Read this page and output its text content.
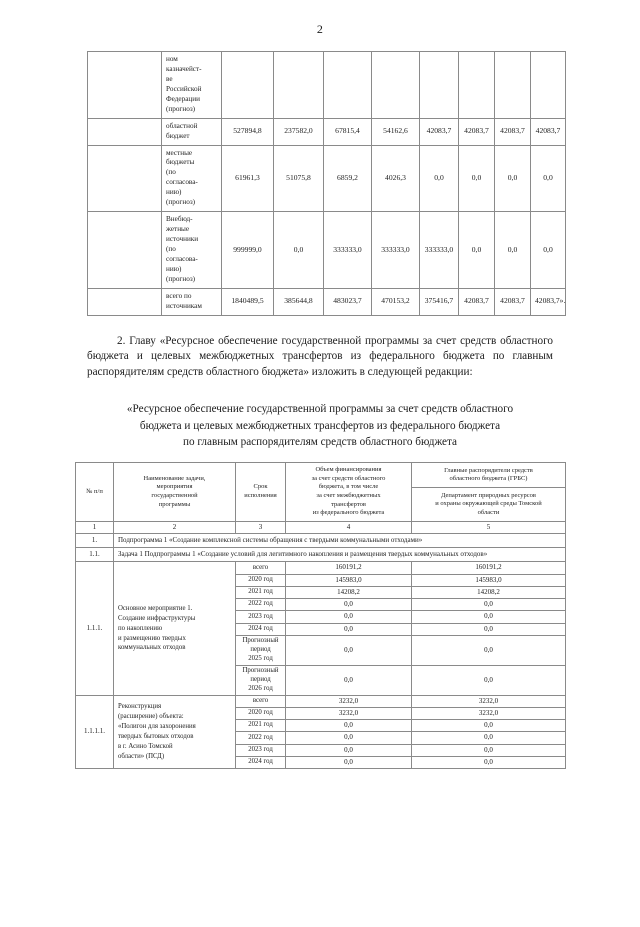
2
	ном
казначейст-
ве
Российской
Федерации
(прогноз)								
	областной
бюджет	527894,8	237582,0	67815,4	54162,6	42083,7	42083,7	42083,7	42083,7
	местные
бюджеты
(по
согласова-
нию)
(прогноз)	61961,3	51075,8	6859,2	4026,3	0,0	0,0	0,0	0,0
	Внебюд-
жетные
источники
(по
согласова-
нию)
(прогноз)	999999,0	0,0	333333,0	333333,0	333333,0	0,0	0,0	0,0
	всего по
источникам	1840489,5	385644,8	483023,7	470153,2	375416,7	42083,7	42083,7	42083,7».

2. Главу «Ресурсное обеспечение государственной программы за счет средств областного бюджета и целевых межбюджетных трансфертов из федерального бюджета по главным распорядителям средств областного бюджета» изложить в следующей редакции:

«Ресурсное обеспечение государственной программы за счет средств областного
бюджета и целевых межбюджетных трансфертов из федерального бюджета
по главным распорядителям средств областного бюджета
№ п/п	Наименование задачи,
мероприятия
государственной
программы	Срок
исполнения	Объем финансирования
за счет средств областного
бюджета, в том числе
за счет межбюджетных
трансфертов
из федерального бюджета	Главные распорядители средств
областного бюджета (ГРБС)
				Департамент природных ресурсов
и охраны окружающей среды Томской
области
1	2	3	4	5
1.	Подпрограмма 1 «Создание комплексной системы обращения с твердыми коммунальными отходами»			
1.1.	Задача 1 Подпрограммы 1 «Создание условий для легитимного накопления и размещения твердых коммунальных отходов»			
1.1.1.	Основное мероприятие 1.
Создание инфраструктуры
по накоплению
и размещению твердых
коммунальных отходов	всего	160191,2	160191,2
		2020 год	145983,0	145983,0
		2021 год	14208,2	14208,2
		2022 год	0,0	0,0
		2023 год	0,0	0,0
		2024 год	0,0	0,0
		Прогнозный
период
2025 год	0,0	0,0
		Прогнозный
период
2026 год	0,0	0,0
1.1.1.1.	Реконструкция
(расширение) объекта:
«Полигон для захоронения
твердых бытовых отходов
в г. Асино Томской
области» (ПСД)	всего	3232,0	3232,0
		2020 год	3232,0	3232,0
		2021 год	0,0	0,0
		2022 год	0,0	0,0
		2023 год	0,0	0,0
		2024 год	0,0	0,0
